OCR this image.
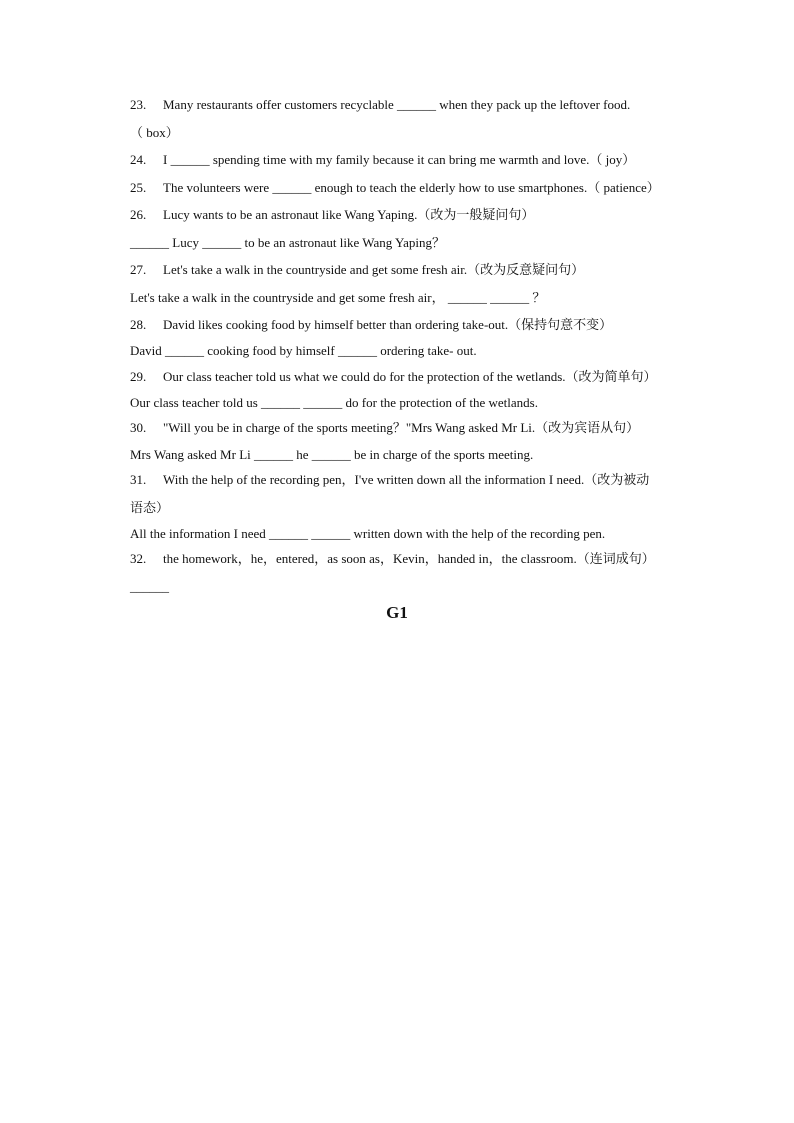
23. Many restaurants offer customers recyclable ______ when they pack up the leftover food.
（ box）
24. I ______ spending time with my family because it can bring me warmth and love.（ joy）
25. The volunteers were ______ enough to teach the elderly how to use smartphones.（ patience）
26. Lucy wants to be an astronaut like Wang Yaping.（改为一般疑问句）
______ Lucy ______ to be an astronaut like Wang Yaping？
27. Let's take a walk in the countryside and get some fresh air.（改为反意疑问句）
Let's take a walk in the countryside and get some fresh air， ______ ______ ？
28. David likes cooking food by himself better than ordering take-out.（保持句意不变）
David ______ cooking food by himself ______ ordering take- out.
29. Our class teacher told us what we could do for the protection of the wetlands.（改为简单句）
Our class teacher told us ______ ______ do for the protection of the wetlands.
30. "Will you be in charge of the sports meeting？"Mrs Wang asked Mr Li.（改为宾语从句）
Mrs Wang asked Mr Li ______ he ______ be in charge of the sports meeting.
31. With the help of the recording pen，I've written down all the information I need.（改为被动
语态）
All the information I need ______ ______ written down with the help of the recording pen.
32. the homework，he，entered，as soon as，Kevin，handed in，the classroom.（连词成句）
______
G1
